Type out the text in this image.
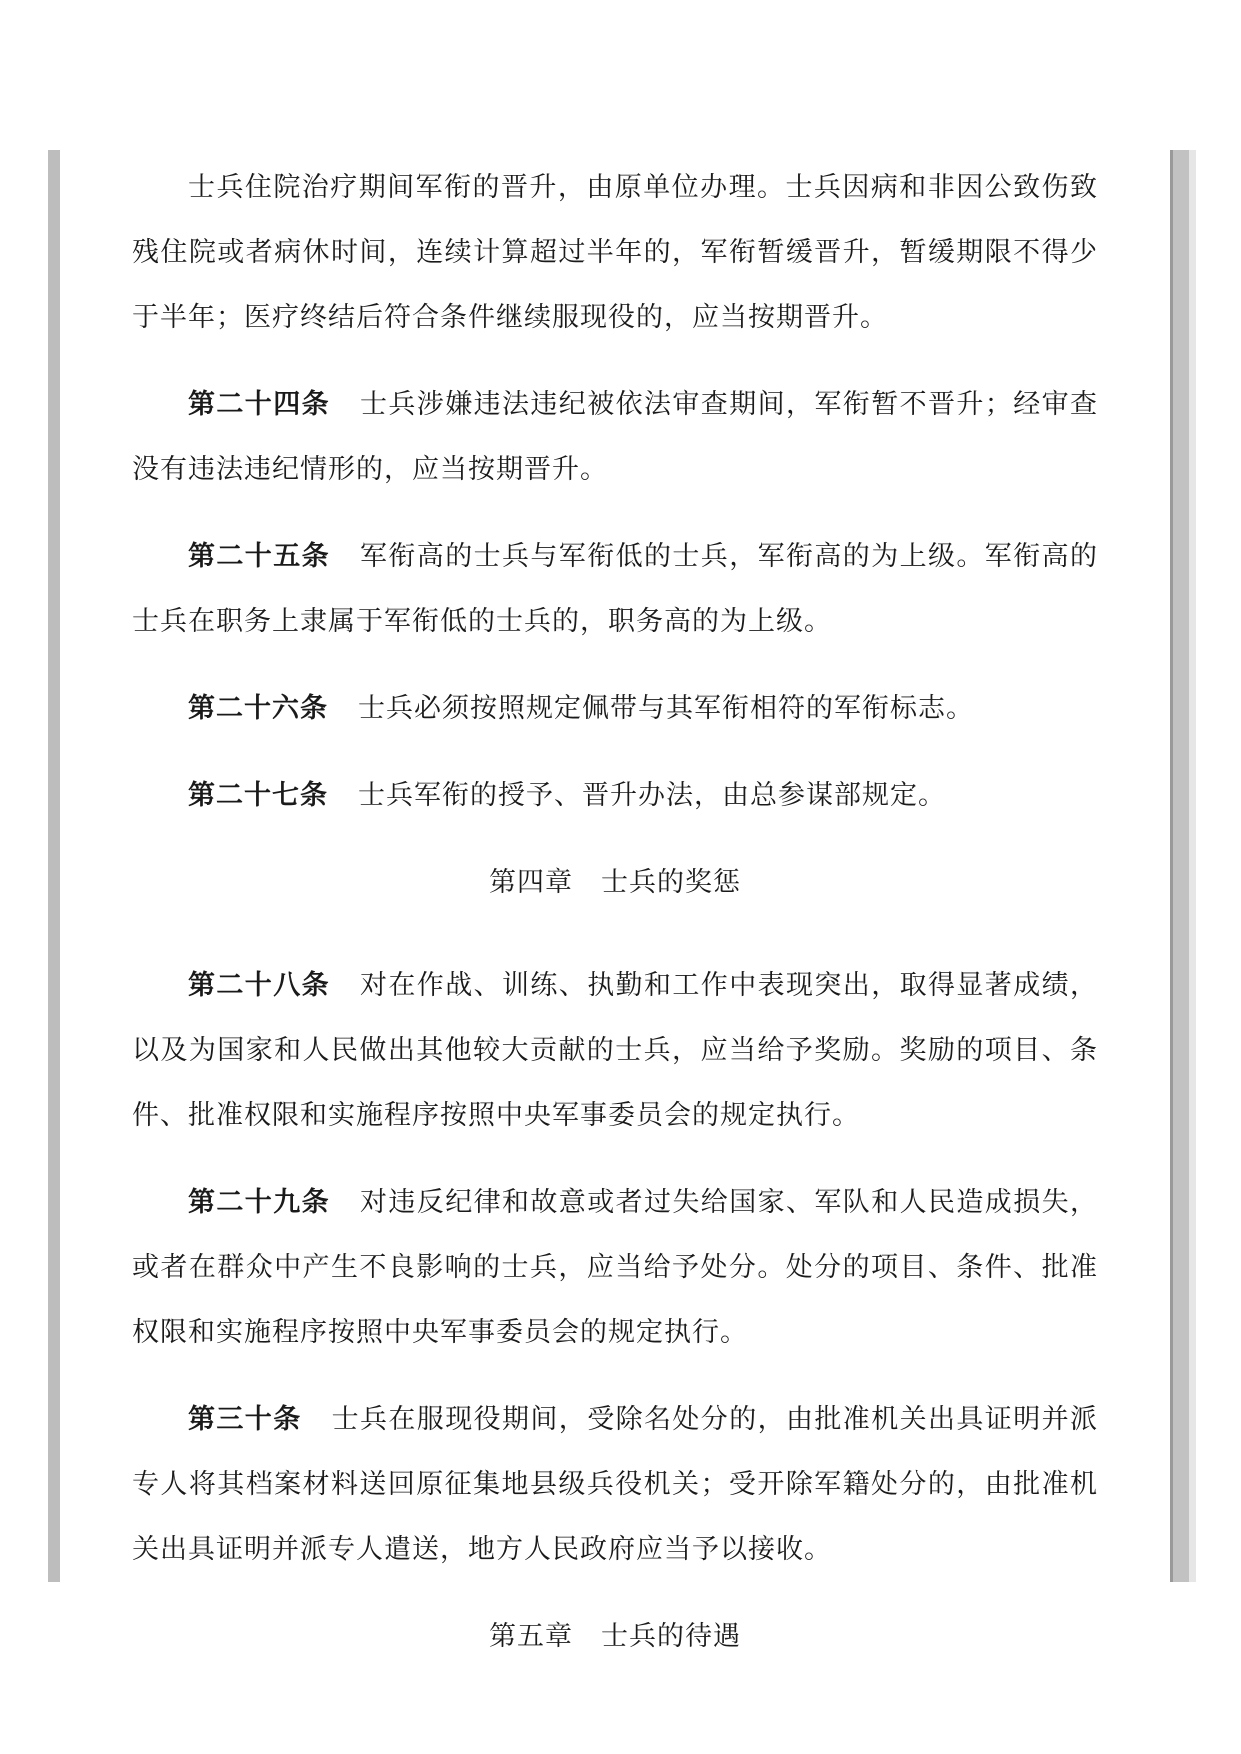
士兵住院治疗期间军衔的晋升，由原单位办理。士兵因病和非因公致伤致残住院或者病休时间，连续计算超过半年的，军衔暂缓晋升，暂缓期限不得少于半年；医疗终结后符合条件继续服现役的，应当按期晋升。

第二十四条 士兵涉嫌违法违纪被依法审查期间，军衔暂不晋升；经审查没有违法违纪情形的，应当按期晋升。

第二十五条 军衔高的士兵与军衔低的士兵，军衔高的为上级。军衔高的士兵在职务上隶属于军衔低的士兵的，职务高的为上级。

第二十六条 士兵必须按照规定佩带与其军衔相符的军衔标志。

第二十七条 士兵军衔的授予、晋升办法，由总参谋部规定。

第四章　士兵的奖惩

第二十八条 对在作战、训练、执勤和工作中表现突出，取得显著成绩，以及为国家和人民做出其他较大贡献的士兵，应当给予奖励。奖励的项目、条件、批准权限和实施程序按照中央军事委员会的规定执行。

第二十九条 对违反纪律和故意或者过失给国家、军队和人民造成损失，或者在群众中产生不良影响的士兵，应当给予处分。处分的项目、条件、批准权限和实施程序按照中央军事委员会的规定执行。

第三十条 士兵在服现役期间，受除名处分的，由批准机关出具证明并派专人将其档案材料送回原征集地县级兵役机关；受开除军籍处分的，由批准机关出具证明并派专人遣送，地方人民政府应当予以接收。

第五章　士兵的待遇
